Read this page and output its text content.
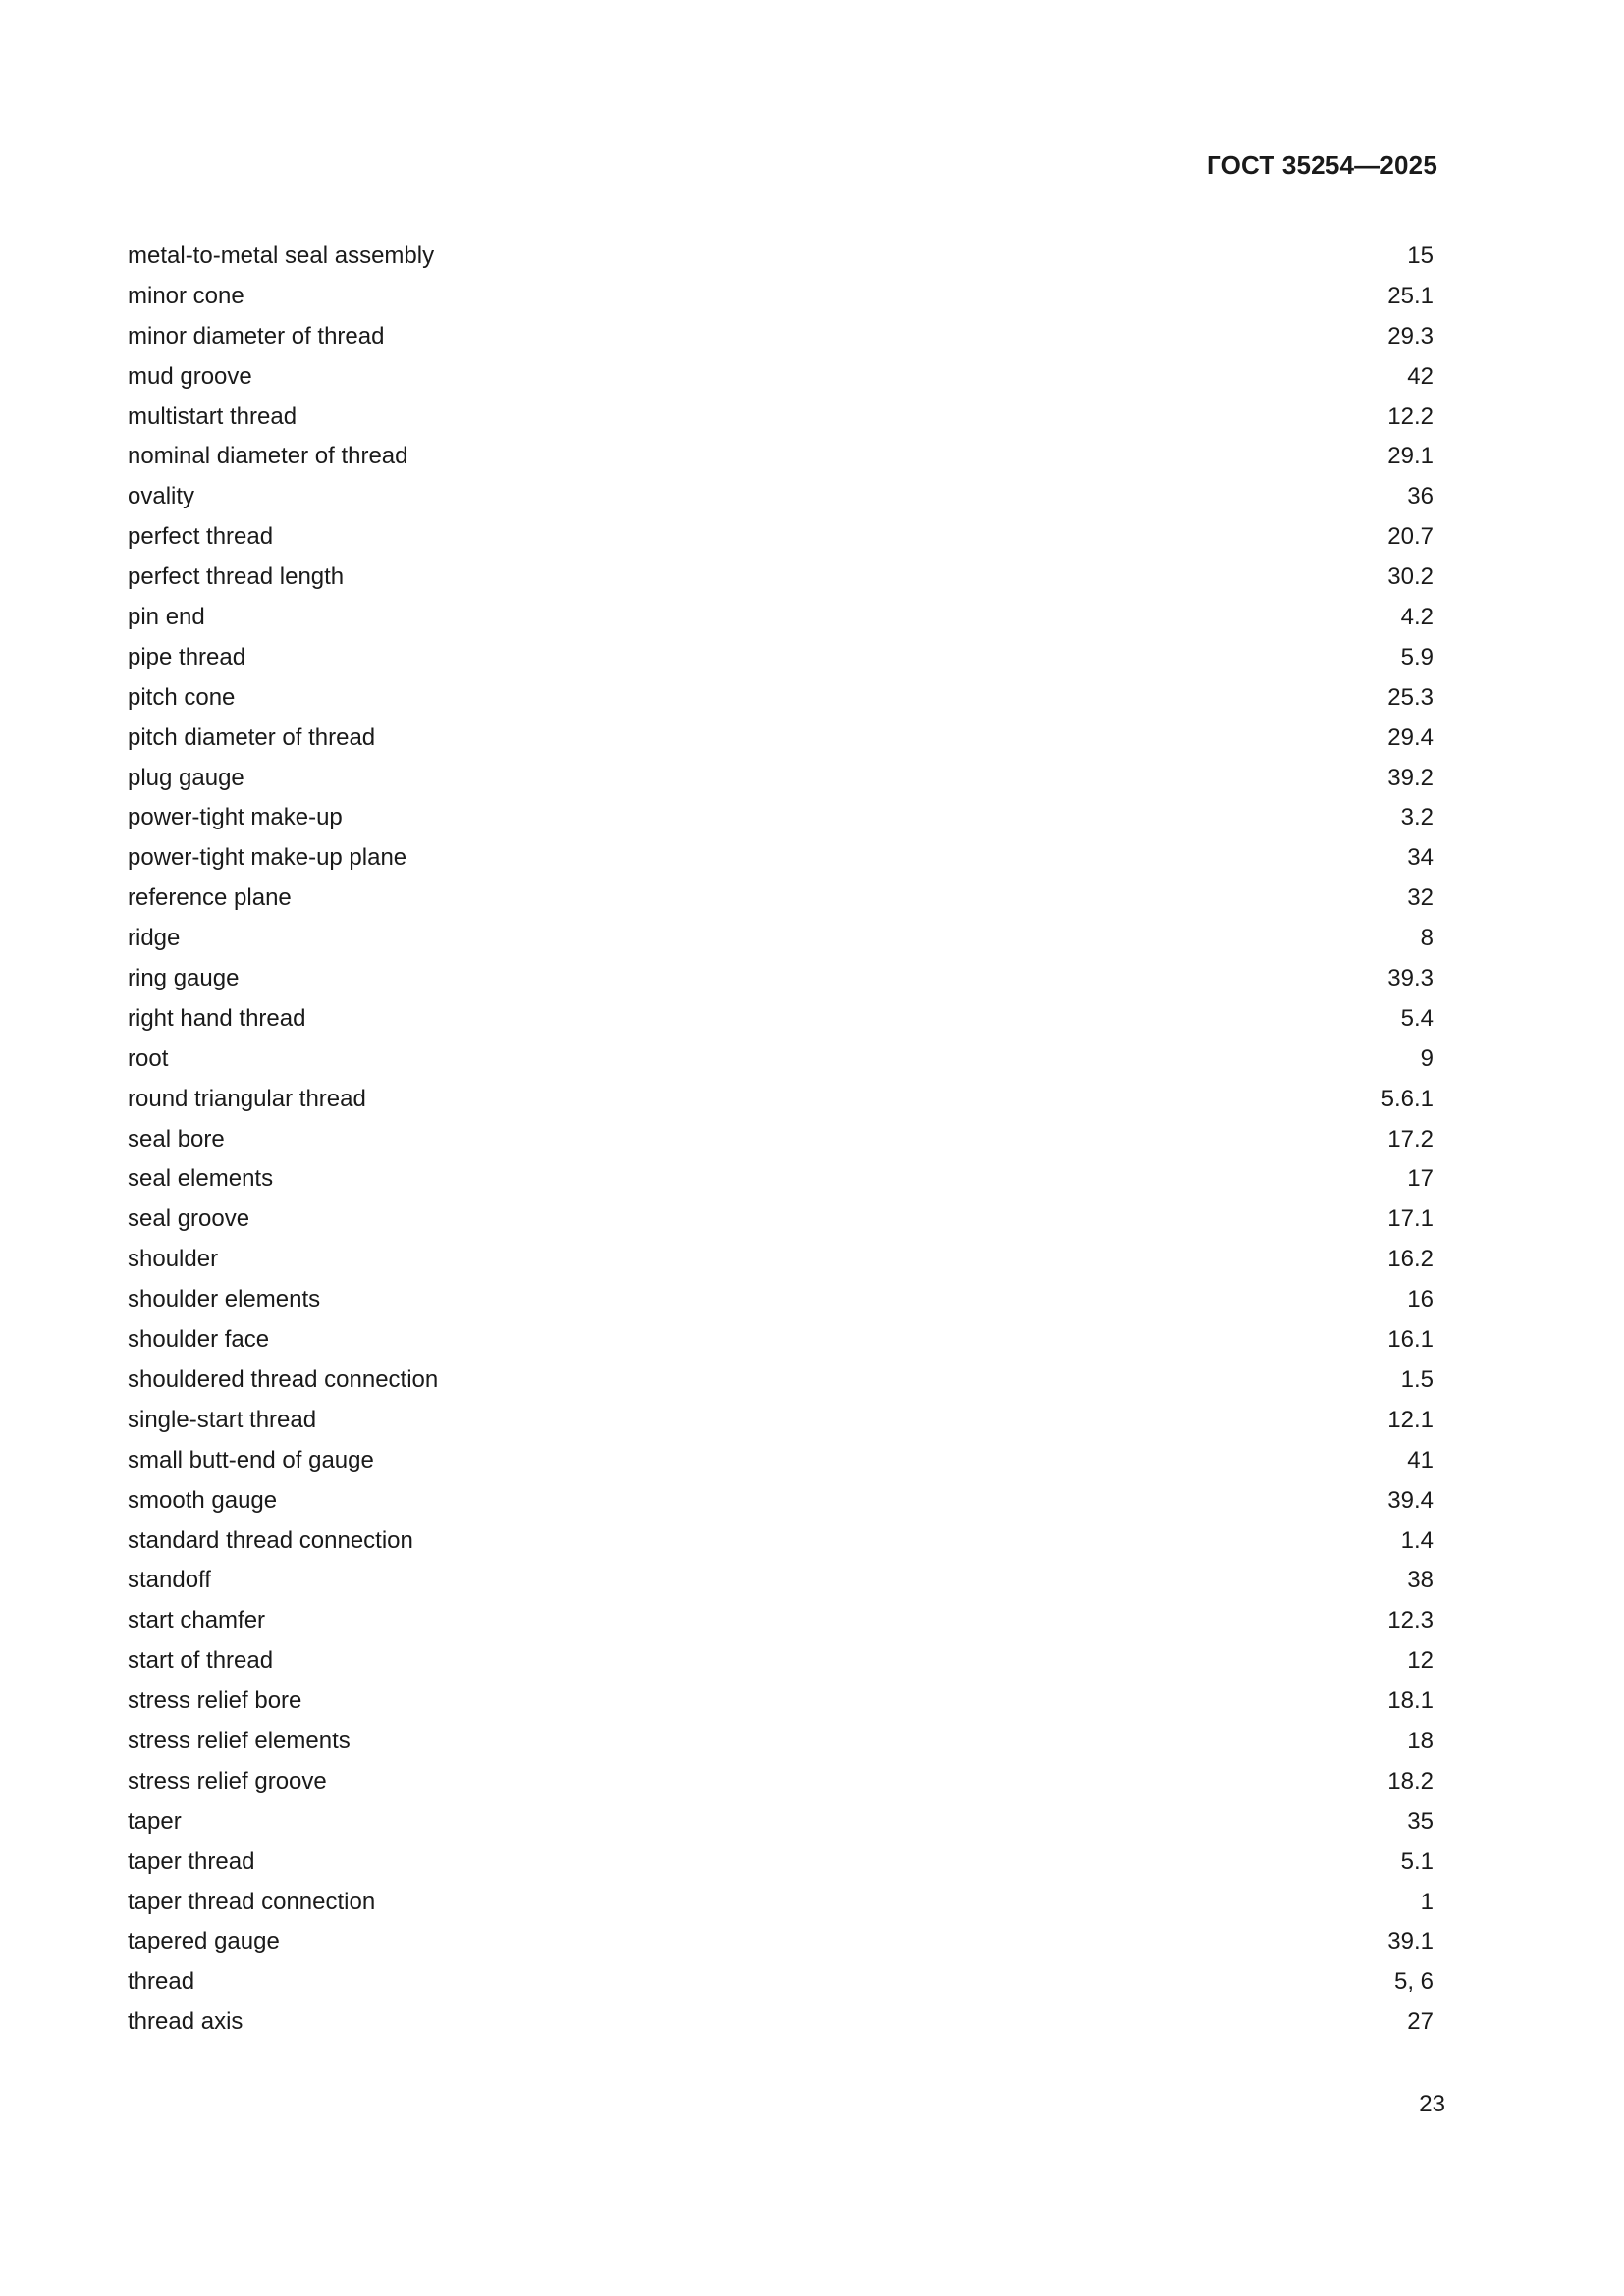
ГОСТ 35254—2025
metal-to-metal seal assembly	15
minor cone	25.1
minor diameter of thread	29.3
mud groove	42
multistart thread	12.2
nominal diameter of thread	29.1
ovality	36
perfect thread	20.7
perfect thread length	30.2
pin end	4.2
pipe thread	5.9
pitch cone	25.3
pitch diameter of thread	29.4
plug gauge	39.2
power-tight make-up	3.2
power-tight make-up plane	34
reference plane	32
ridge	8
ring gauge	39.3
right hand thread	5.4
root	9
round triangular thread	5.6.1
seal bore	17.2
seal elements	17
seal groove	17.1
shoulder	16.2
shoulder elements	16
shoulder face	16.1
shouldered thread connection	1.5
single-start thread	12.1
small butt-end of gauge	41
smooth gauge	39.4
standard thread connection	1.4
standoff	38
start chamfer	12.3
start of thread	12
stress relief bore	18.1
stress relief elements	18
stress relief groove	18.2
taper	35
taper thread	5.1
taper thread connection	1
tapered gauge	39.1
thread	5, 6
thread axis	27
23
